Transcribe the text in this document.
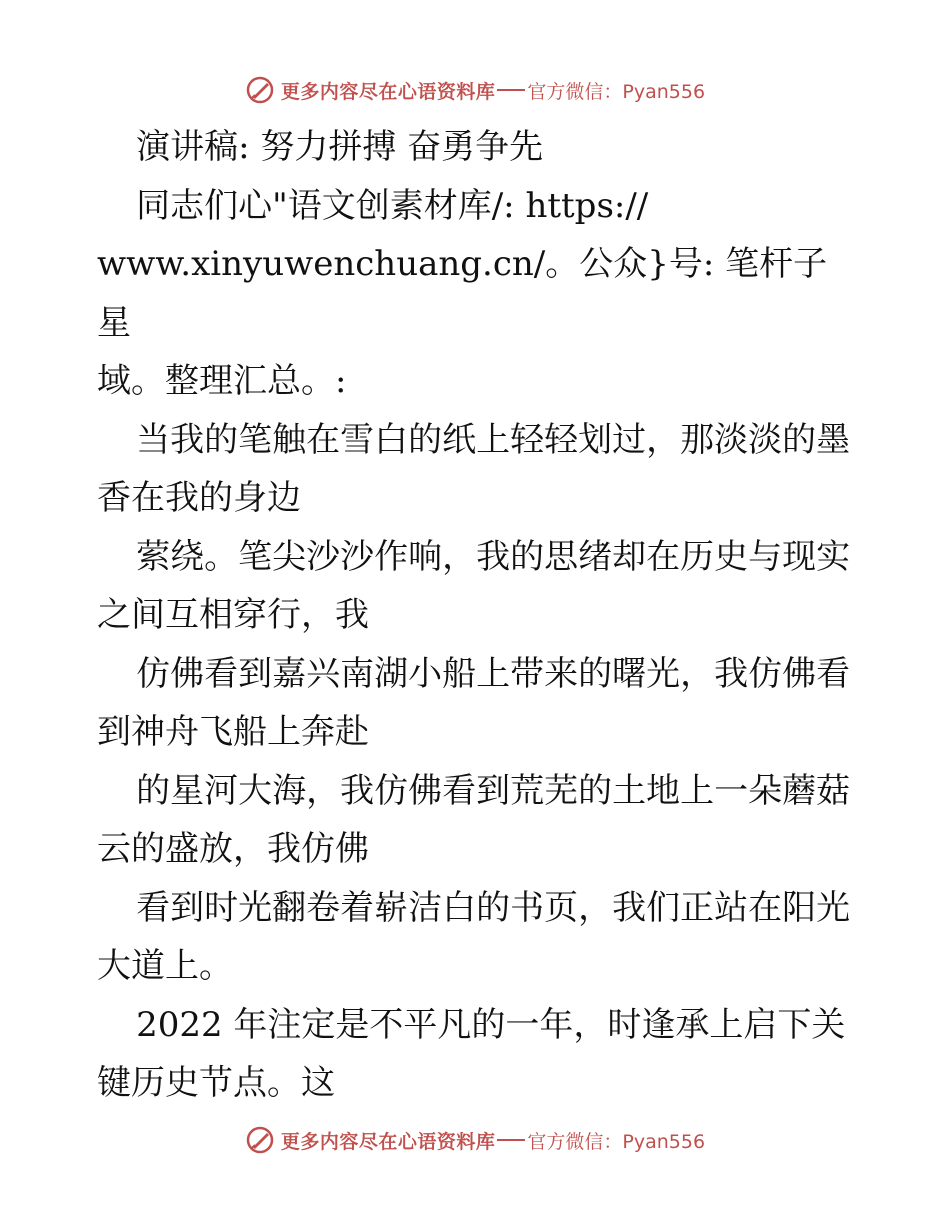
更多内容尽在心语资料库 官方微信：Pyan556

演讲稿: 努力拼搏 奋勇争先

同志们心"语文创素材库/: https://

www.xinyuwenchuang.cn/。公众}号: 笔杆子星

域。整理汇总。:

当我的笔触在雪白的纸上轻轻划过，那淡淡的墨

香在我的身边

萦绕。笔尖沙沙作响，我的思绪却在历史与现实

之间互相穿行，我

仿佛看到嘉兴南湖小船上带来的曙光，我仿佛看

到神舟飞船上奔赴

的星河大海，我仿佛看到荒芜的土地上一朵蘑菇

云的盛放，我仿佛

看到时光翻卷着崭洁白的书页，我们正站在阳光

大道上。

2022 年注定是不平凡的一年，时逢承上启下关

键历史节点。这

更多内容尽在心语资料库 官方微信：Pyan556
